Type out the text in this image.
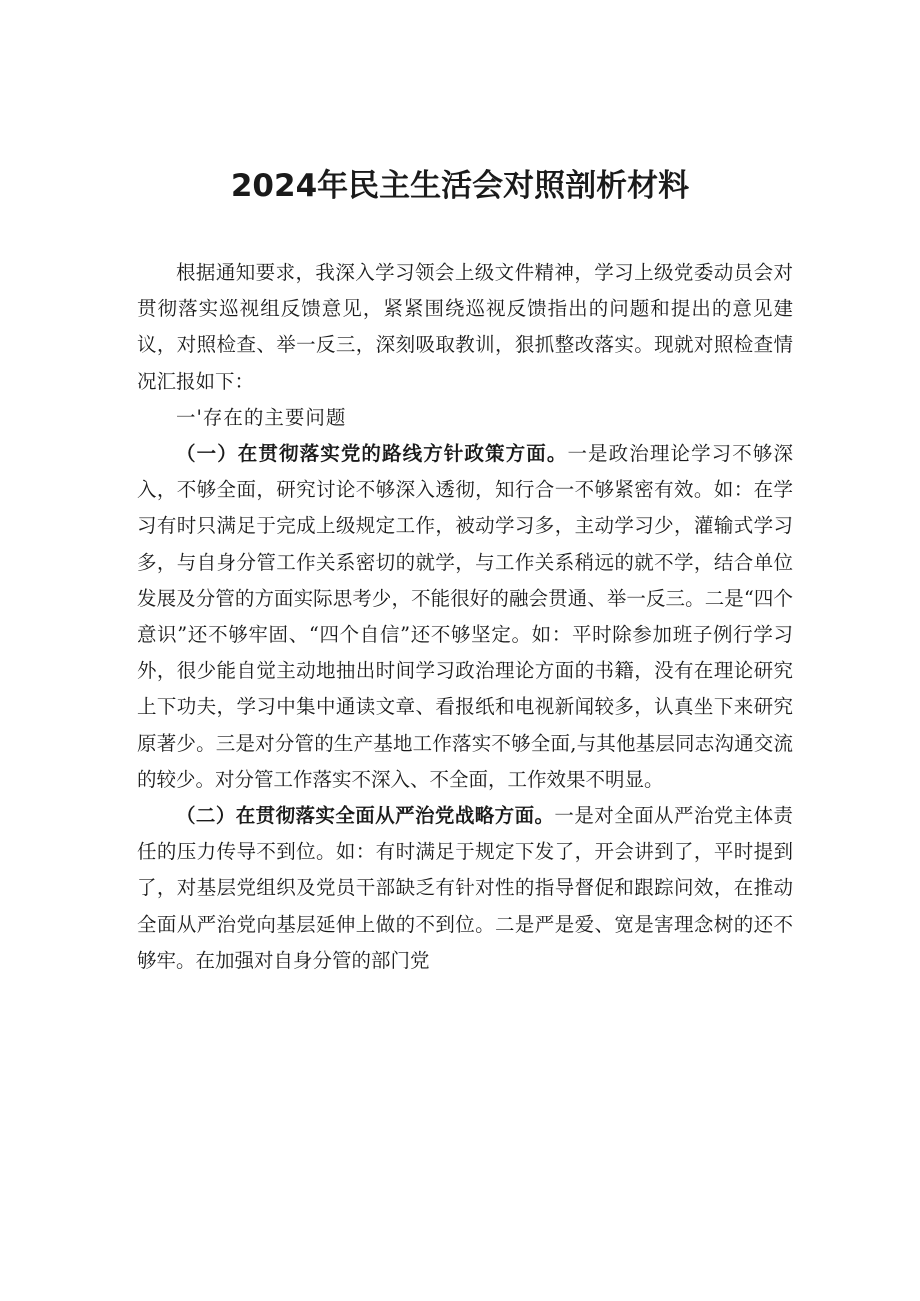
2024年民主生活会对照剖析材料

根据通知要求，我深入学习领会上级文件精神，学习上级党委动员会对贯彻落实巡视组反馈意见，紧紧围绕巡视反馈指出的问题和提出的意见建议，对照检查、举一反三，深刻吸取教训，狠抓整改落实。现就对照检查情况汇报如下：

一'存在的主要问题

（一）在贯彻落实党的路线方针政策方面。一是政治理论学习不够深入，不够全面，研究讨论不够深入透彻，知行合一不够紧密有效。如：在学习有时只满足于完成上级规定工作，被动学习多，主动学习少，灌输式学习多，与自身分管工作关系密切的就学，与工作关系稍远的就不学，结合单位发展及分管的方面实际思考少，不能很好的融会贯通、举一反三。二是“四个意识”还不够牢固、“四个自信”还不够坚定。如：平时除参加班子例行学习外，很少能自觉主动地抽出时间学习政治理论方面的书籍，没有在理论研究上下功夫，学习中集中通读文章、看报纸和电视新闻较多，认真坐下来研究原著少。三是对分管的生产基地工作落实不够全面,与其他基层同志沟通交流的较少。对分管工作落实不深入、不全面，工作效果不明显。

（二）在贯彻落实全面从严治党战略方面。一是对全面从严治党主体责任的压力传导不到位。如：有时满足于规定下发了，开会讲到了，平时提到了，对基层党组织及党员干部缺乏有针对性的指导督促和跟踪问效，在推动全面从严治党向基层延伸上做的不到位。二是严是爱、宽是害理念树的还不够牢。在加强对自身分管的部门党
